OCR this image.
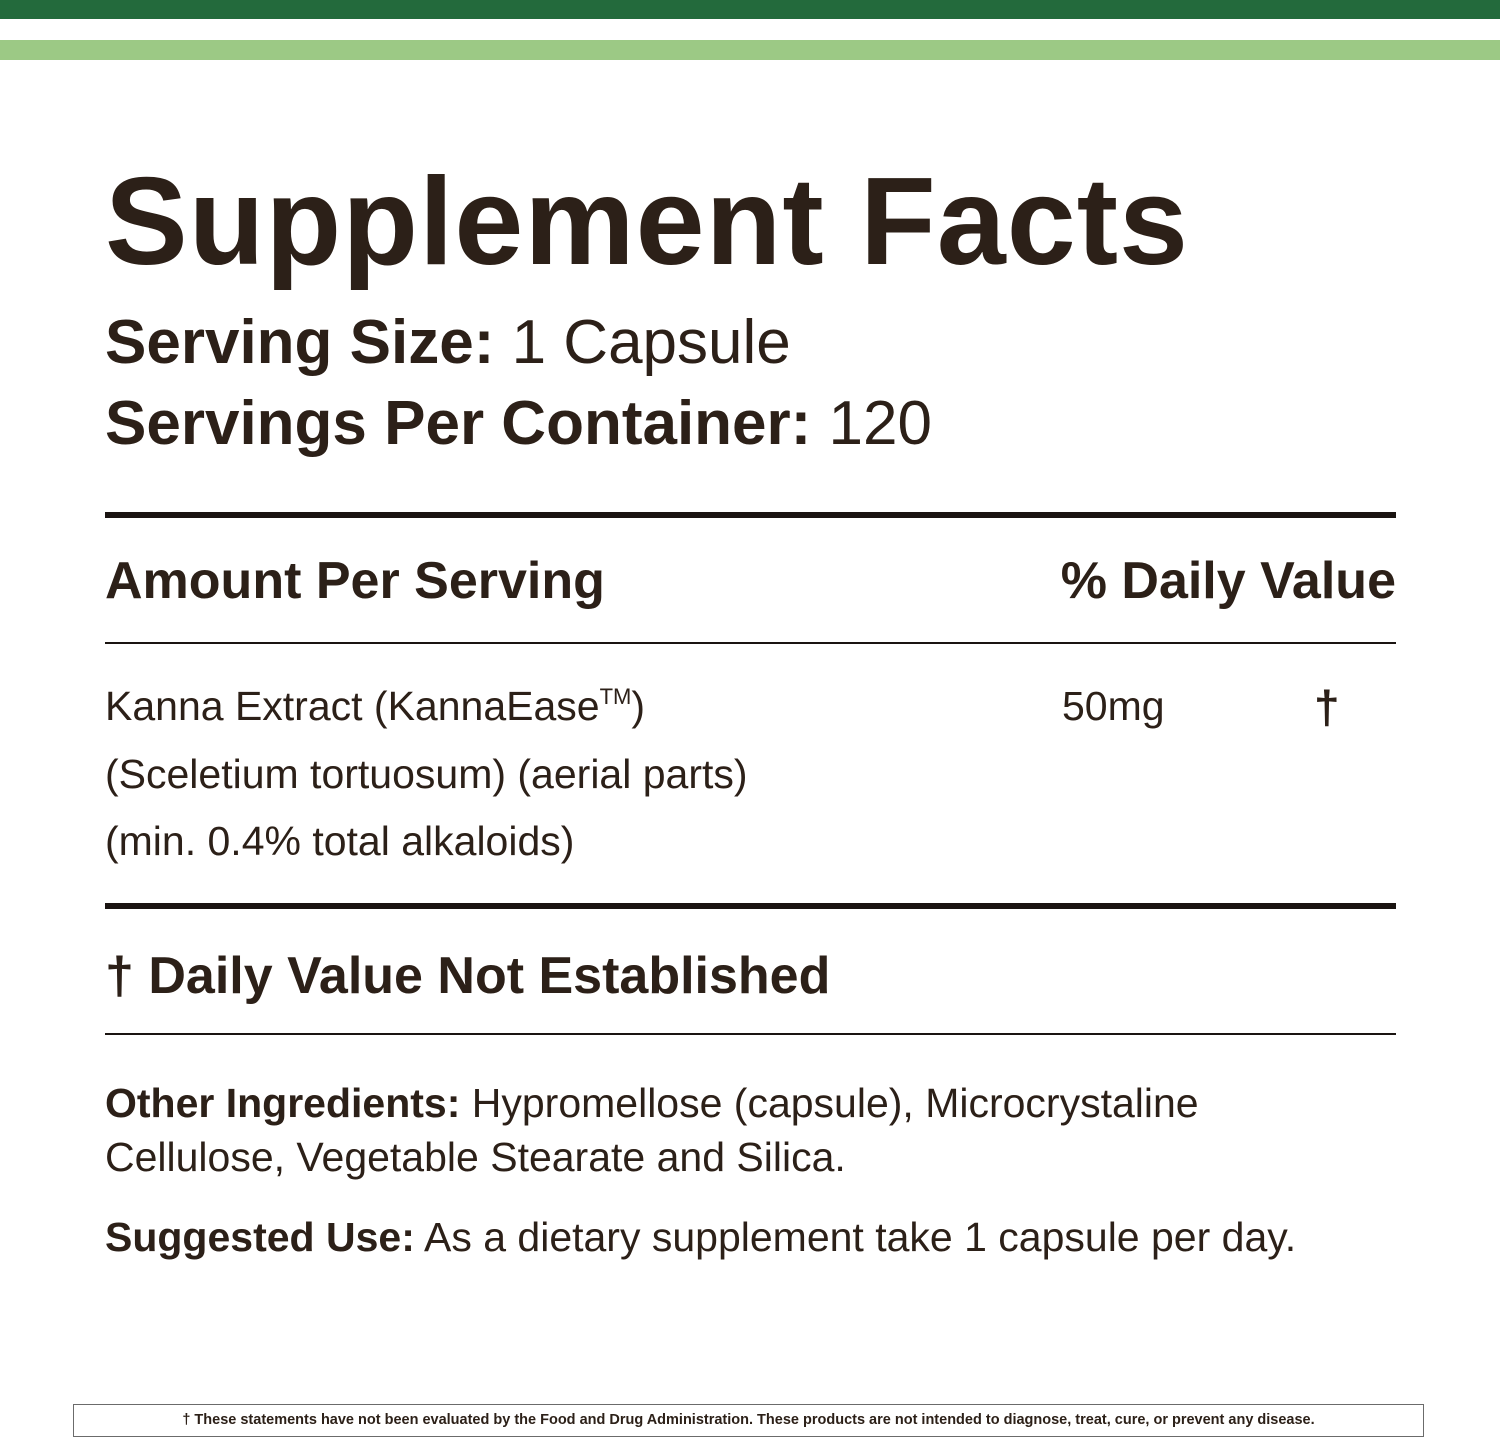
Supplement Facts
Serving Size: 1 Capsule
Servings Per Container: 120
Amount Per Serving	% Daily Value
Kanna Extract (KannaEase™)
(Sceletium tortuosum) (aerial parts)
(min. 0.4% total alkaloids)
50mg	†
† Daily Value Not Established
Other Ingredients: Hypromellose (capsule), Microcrystaline Cellulose, Vegetable Stearate and Silica.
Suggested Use: As a dietary supplement take 1 capsule per day.
† These statements have not been evaluated by the Food and Drug Administration. These products are not intended to diagnose, treat, cure, or prevent any disease.
